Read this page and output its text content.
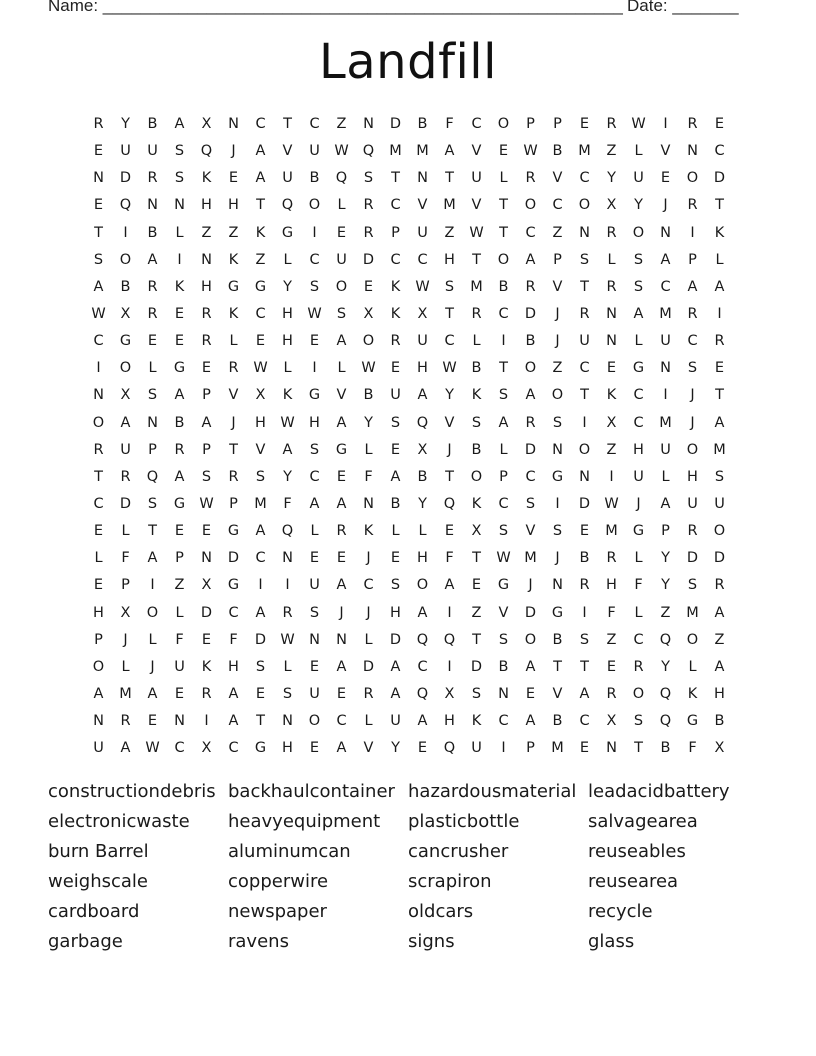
Name: _______________________________________________________ Date: _______
Landfill
R	Y	B	A	X	N	C	T	C	Z	N	D	B	F	C	O	P	P	E	R	W	I	R	E
E	U	U	S	Q	J	A	V	U	W Q	M M	A	V	E	W	B	M	Z	L	V	N	C
N	D	R	S	K	E	A	U	B	Q	S	T	N	T	U	L	R	V	C	Y	U	E	O	D
E	Q	N	N	H	H	T	Q	O	L	R	C	V	M	V	T	O	C	O	X	Y	J	R	T
T	I	B	L	Z	Z	K	G	I	E	R	P	U	Z	W	T	C	Z	N	R	O	N	I	K
S	O	A	I	N	K	Z	L	C	U	D	C	C	H	T	O	A	P	S	L	S	A	P	L
A	B	R	K	H	G	G	Y	S	O	E	K	W	S	M	B	R	V	T	R	S	C	A	A
W	X	R	E	R	K	C	H W	S	X	K	X	T	R	C	D	J	R	N	A	M	R	I
C	G	E	E	R	L	E	H	E	A	O	R	U	C	L	I	B	J	U	N	L	U	C	R
I	O	L	G	E	R	W	L	I	L	W	E	H W	B	T	O	Z	C	E	G	N	S	E
N	X	S	A	P	V	X	K	G	V	B	U	A	Y	K	S	A	O	T	K	C	I	J	T
O	A	N	B	A	J	H W H	A	Y	S	Q	V	S	A	R	S	I	X	C	M	J	A
R	U	P	R	P	T	V	A	S	G	L	E	X	J	B	L	D	N	O	Z	H	U	O	M
T	R	Q	A	S	R	S	Y	C	E	F	A	B	T	O	P	C	G	N	I	U	L	H	S
C	D	S	G W	P	M	F	A	A	N	B	Y	Q	K	C	S	I	D W	J	A	U	U
E	L	T	E	E	G	A	Q	L	R	K	L	L	E	X	S	V	S	E	M	G	P	R	O
L	F	A	P	N	D	C	N	E	E	J	E	H	F	T	W M	J	B	R	L	Y	D	D
E	P	I	Z	X	G	I	I	U	A	C	S	O	A	E	G	J	N	R	H	F	Y	S	R
H	X	O	L	D	C	A	R	S	J	J	H	A	I	Z	V	D	G	I	F	L	Z	M	A
P	J	L	F	E	F	D W N	N	L	D	Q	Q	T	S	O	B	S	Z	C	Q	O	Z
O	L	J	U	K	H	S	L	E	A	D	A	C	I	D	B	A	T	T	E	R	Y	L	A
A	M	A	E	R	A	E	S	U	E	R	A	Q	X	S	N	E	V	A	R	O	Q	K	H
N	R	E	N	I	A	T	N	O	C	L	U	A	H	K	C	A	B	C	X	S	Q	G	B
U	A	W	C	X	C	G	H	E	A	V	Y	E	Q	U	I	P	M	E	N	T	B	F	X
constructiondebris backhaulcontainer hazardousmaterial leadacidbattery
electronicwaste	heavyequipment	plasticbottle	salvagearea
burn Barrel	aluminumcan	cancrusher	reuseables
weighscale	copperwire	scrapiron	reusearea
cardboard	newspaper	oldcars	recycle
garbage	ravens	signs	glass
